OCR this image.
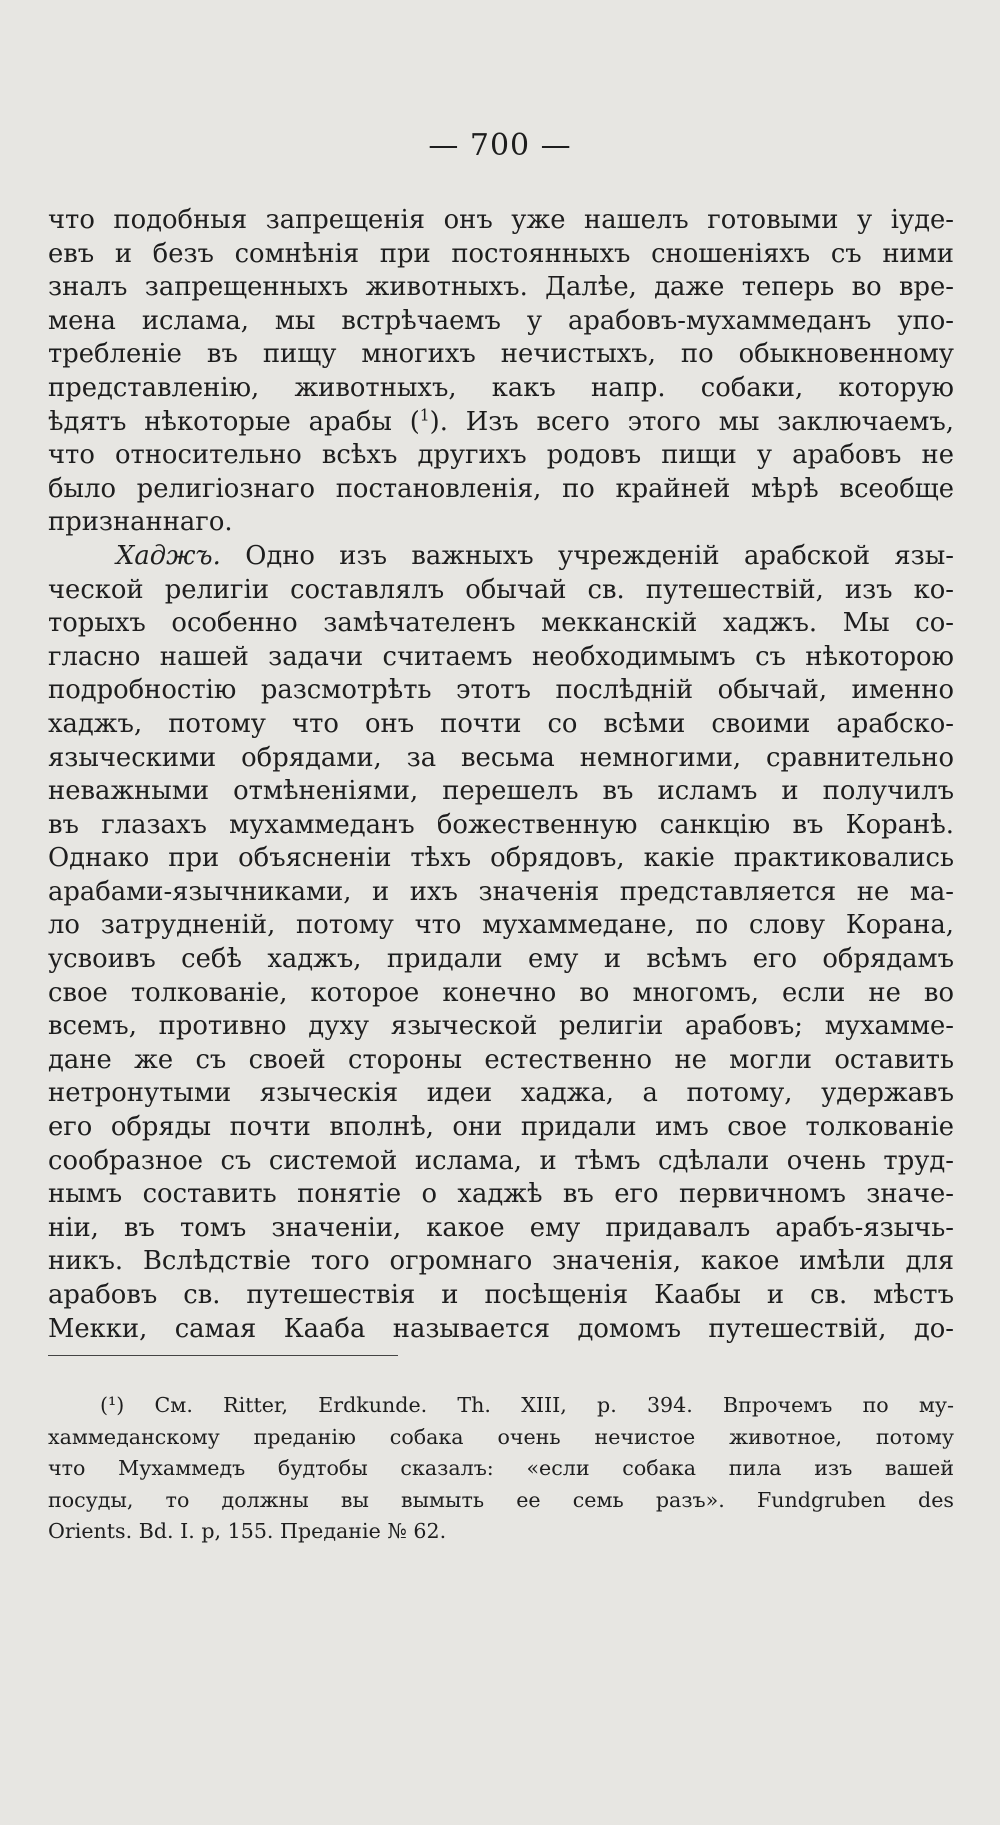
— 700 —
что подобныя запрещенія онъ уже нашелъ готовыми у іуде-
евъ и безъ сомнѣнія при постоянныхъ сношеніяхъ съ ними
зналъ запрещенныхъ животныхъ. Далѣе, даже теперь во вре-
мена ислама, мы встрѣчаемъ у арабовъ-мухаммеданъ упо-
требленіе въ пищу многихъ нечистыхъ, по обыкновенному
представленію, животныхъ, какъ напр. собаки, которую
ѣдятъ нѣкоторые арабы ($^1$). Изъ всего этого мы заключаемъ,
что относительно всѣхъ другихъ родовъ пищи у арабовъ не
было религіознаго постановленія, по крайней мѣрѣ всеобще
признаннаго.
Хаджъ. Одно изъ важныхъ учрежденій арабской язы-
ческой религіи составлялъ обычай св. путешествій, изъ ко-
торыхъ особенно замѣчателенъ мекканскій хаджъ. Мы со-
гласно нашей задачи считаемъ необходимымъ съ нѣкоторою
подробностію разсмотрѣть этотъ послѣдній обычай, именно
хаджъ, потому что онъ почти со всѣми своими арабско-
языческими обрядами, за весьма немногими, сравнительно
неважными отмѣненіями, перешелъ въ исламъ и получилъ
въ глазахъ мухаммеданъ божественную санкцію въ Коранѣ.
Однако при объясненіи тѣхъ обрядовъ, какіе практиковались
арабами-язычниками, и ихъ значенія представляется не ма-
ло затрудненій, потому что мухаммедане, по слову Корана,
усвоивъ себѣ хаджъ, придали ему и всѣмъ его обрядамъ
свое толкованіе, которое конечно во многомъ, если не во
всемъ, противно духу языческой религіи арабовъ; мухамме-
дане же съ своей стороны естественно не могли оставить
нетронутыми языческія идеи хаджа, а потому, удержавъ
его обряды почти вполнѣ, они придали имъ свое толкованіе
сообразное съ системой ислама, и тѣмъ сдѣлали очень труд-
нымъ составить понятіе о хаджѣ въ его первичномъ значе-
ніи, въ томъ значеніи, какое ему придавалъ арабъ-язычь-
никъ. Вслѣдствіе того огромнаго значенія, какое имѣли для
арабовъ св. путешествія и посѣщенія Каабы и св. мѣстъ
Мекки, самая Кааба называется домомъ путешествій, до-
(¹) См. Ritter, Erdkunde. Th. XIII, p. 394. Впрочемъ по му-
хаммеданскому преданію собака очень нечистое животное, потому
что Мухаммедъ будтобы сказалъ: «если собака пила изъ вашей
посуды, то должны вы вымыть ее семь разъ». Fundgruben des
Orients. Bd. I. p, 155. Преданіе № 62.
